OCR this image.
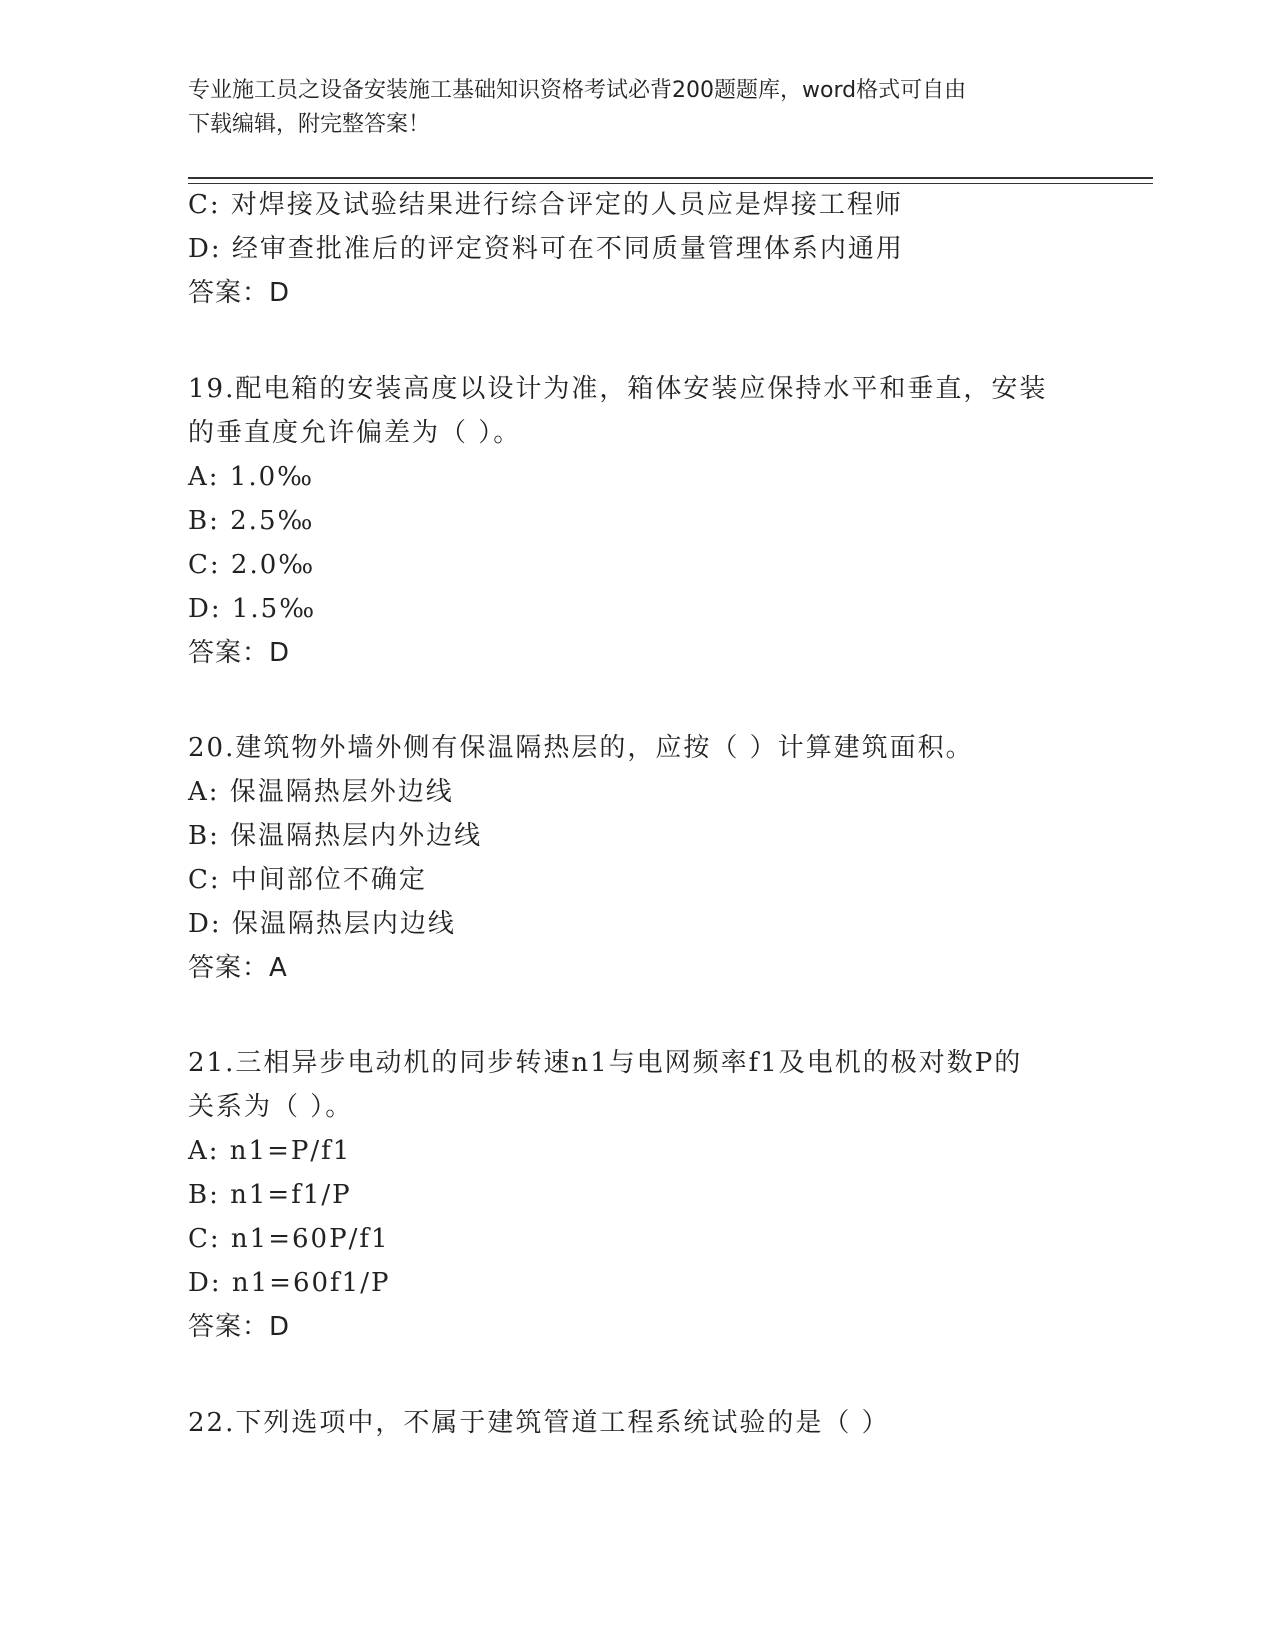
专业施工员之设备安装施工基础知识资格考试必背200题题库，word格式可自由
下载编辑，附完整答案！
C: 对焊接及试验结果进行综合评定的人员应是焊接工程师
D: 经审查批准后的评定资料可在不同质量管理体系内通用
答案：D
19.配电箱的安装高度以设计为准，箱体安装应保持水平和垂直，安装
的垂直度允许偏差为（ ）。
A: 1.0‰
B: 2.5‰
C: 2.0‰
D: 1.5‰
答案：D
20.建筑物外墙外侧有保温隔热层的，应按（ ）计算建筑面积。
A: 保温隔热层外边线
B: 保温隔热层内外边线
C: 中间部位不确定
D: 保温隔热层内边线
答案：A
21.三相异步电动机的同步转速n1与电网频率f1及电机的极对数P的
关系为（ ）。
A: n1=P/f1
B: n1=f1/P
C: n1=60P/f1
D: n1=60f1/P
答案：D
22.下列选项中，不属于建筑管道工程系统试验的是（ ）
